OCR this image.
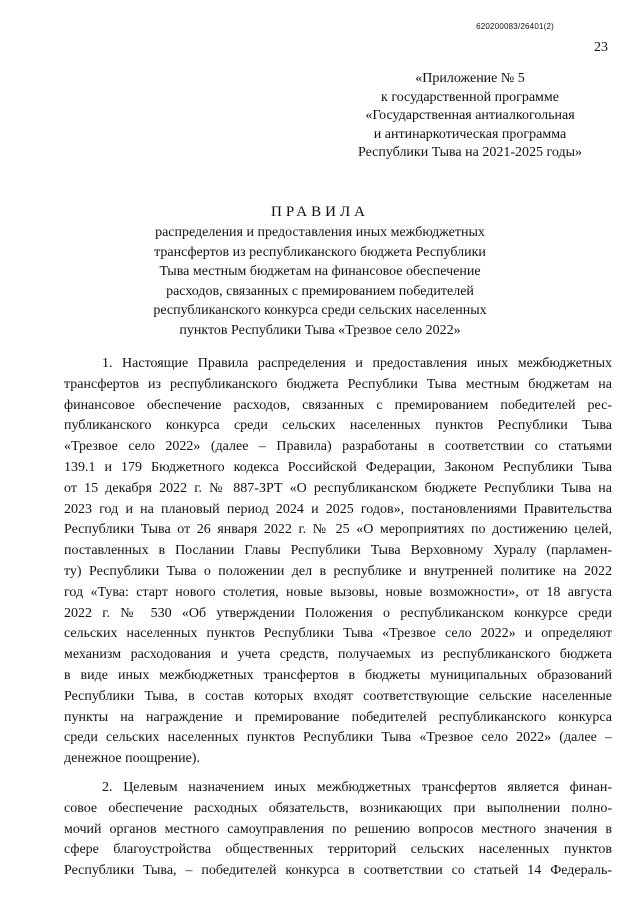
620200083/26401(2)
23
«Приложение № 5
к государственной программе
«Государственная антиалкогольная
и антинаркотическая программа
Республики Тыва на 2021-2025 годы»
ПРАВИЛА
распределения и предоставления иных межбюджетных
трансфертов из республиканского бюджета Республики
Тыва местным бюджетам на финансовое обеспечение
расходов, связанных с премированием победителей
республиканского конкурса среди сельских населенных
пунктов Республики Тыва «Трезвое село 2022»
1. Настоящие Правила распределения и предоставления иных межбюджетных
трансфертов из республиканского бюджета Республики Тыва местным бюджетам на
финансовое обеспечение расходов, связанных с премированием победителей рес-
публиканского конкурса среди сельских населенных пунктов Республики Тыва
«Трезвое село 2022» (далее – Правила) разработаны в соответствии со статьями
139.1 и 179 Бюджетного кодекса Российской Федерации, Законом Республики Тыва
от 15 декабря 2022 г. № 887-ЗРТ «О республиканском бюджете Республики Тыва на
2023 год и на плановый период 2024 и 2025 годов», постановлениями Правительства
Республики Тыва от 26 января 2022 г. № 25 «О мероприятиях по достижению целей,
поставленных в Послании Главы Республики Тыва Верховному Хуралу (парламен-
ту) Республики Тыва о положении дел в республике и внутренней политике на 2022
год «Тува: старт нового столетия, новые вызовы, новые возможности», от 18 августа
2022 г. № 530 «Об утверждении Положения о республиканском конкурсе среди
сельских населенных пунктов Республики Тыва «Трезвое село 2022» и определяют
механизм расходования и учета средств, получаемых из республиканского бюджета
в виде иных межбюджетных трансфертов в бюджеты муниципальных образований
Республики Тыва, в состав которых входят соответствующие сельские населенные
пункты на награждение и премирование победителей республиканского конкурса
среди сельских населенных пунктов Республики Тыва «Трезвое село 2022» (далее –
денежное поощрение).
2. Целевым назначением иных межбюджетных трансфертов является финан-
совое обеспечение расходных обязательств, возникающих при выполнении полно-
мочий органов местного самоуправления по решению вопросов местного значения в
сфере благоустройства общественных территорий сельских населенных пунктов
Республики Тыва, – победителей конкурса в соответствии со статьей 14 Федераль-
